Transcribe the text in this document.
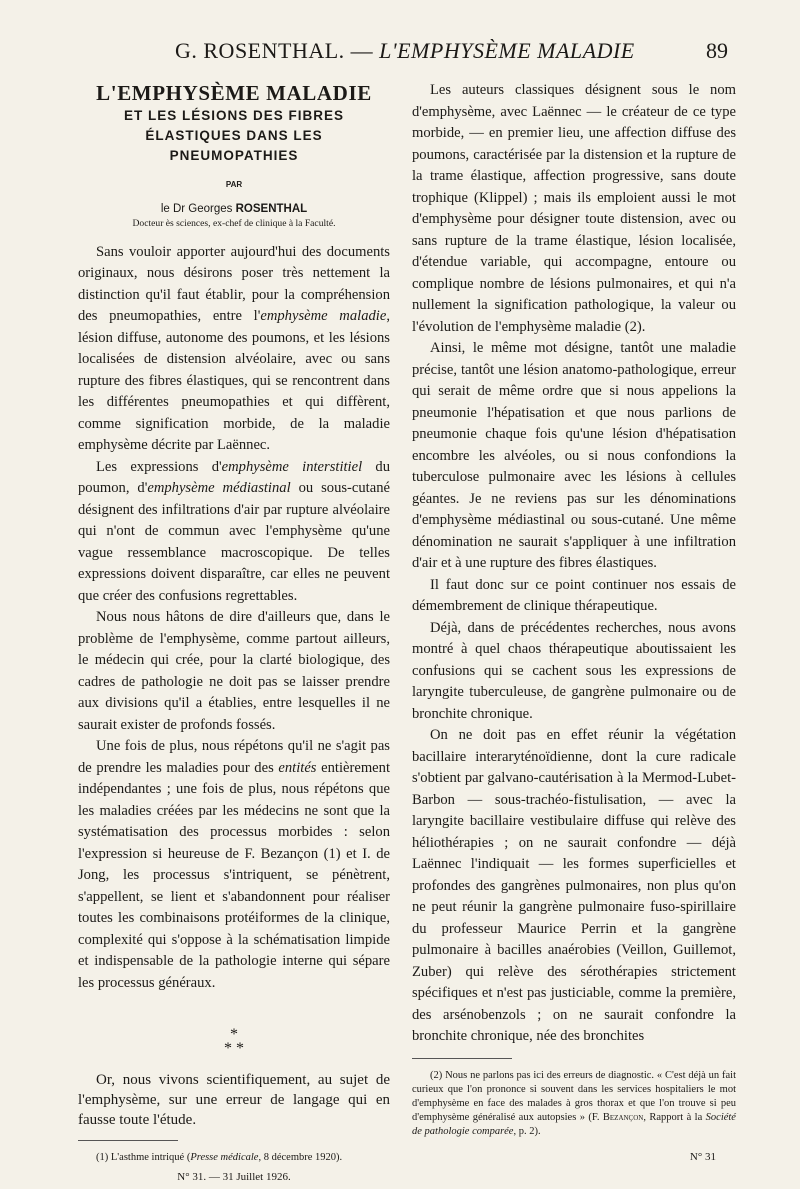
G. ROSENTHAL. — L'EMPHYSÈME MALADIE	89
L'EMPHYSÈME MALADIE
ET LES LÉSIONS DES FIBRES
ÉLASTIQUES DANS LES
PNEUMOPATHIES
PAR
le Dr Georges ROSENTHAL
Docteur ès sciences, ex-chef de clinique à la Faculté.

Sans vouloir apporter aujourd'hui des documents originaux, nous désirons poser très nettement la distinction qu'il faut établir, pour la compréhension des pneumopathies, entre l'emphysème maladie, lésion diffuse, autonome des poumons, et les lésions localisées de distension alvéolaire, avec ou sans rupture des fibres élastiques, qui se rencontrent dans les différentes pneumopathies et qui diffèrent, comme signification morbide, de la maladie emphysème décrite par Laënnec.

Les expressions d'emphysème interstitiel du poumon, d'emphysème médiastinal ou sous-cutané désignent des infiltrations d'air par rupture alvéolaire qui n'ont de commun avec l'emphysème qu'une vague ressemblance macroscopique. De telles expressions doivent disparaître, car elles ne peuvent que créer des confusions regrettables.

Nous nous hâtons de dire d'ailleurs que, dans le problème de l'emphysème, comme partout ailleurs, le médecin qui crée, pour la clarté biologique, des cadres de pathologie ne doit pas se laisser prendre aux divisions qu'il a établies, entre lesquelles il ne saurait exister de profonds fossés.

Une fois de plus, nous répétons qu'il ne s'agit pas de prendre les maladies pour des entités entièrement indépendantes ; une fois de plus, nous répétons que les maladies créées par les médecins ne sont que la systématisation des processus morbides : selon l'expression si heureuse de F. Bezançon (1) et I. de Jong, les processus s'intriquent, se pénètrent, s'appellent, se lient et s'abandonnent pour réaliser toutes les combinaisons protéiformes de la clinique, complexité qui s'oppose à la schématisation limpide et indispensable de la pathologie interne qui sépare les processus généraux.

*
* *

Or, nous vivons scientifiquement, au sujet de l'emphysème, sur une erreur de langage qui en fausse toute l'étude.

(1) L'asthme intriqué (Presse médicale, 8 décembre 1920).

N° 31. — 31 Juillet 1926.

Les auteurs classiques désignent sous le nom d'emphysème, avec Laënnec — le créateur de ce type morbide, — en premier lieu, une affection diffuse des poumons, caractérisée par la distension et la rupture de la trame élastique, affection progressive, sans doute trophique (Klippel) ; mais ils emploient aussi le mot d'emphysème pour désigner toute distension, avec ou sans rupture de la trame élastique, lésion localisée, d'étendue variable, qui accompagne, entoure ou complique nombre de lésions pulmonaires, et qui n'a nullement la signification pathologique, la valeur ou l'évolution de l'emphysème maladie (2).

Ainsi, le même mot désigne, tantôt une maladie précise, tantôt une lésion anatomo-pathologique, erreur qui serait de même ordre que si nous appelions la pneumonie l'hépatisation et que nous parlions de pneumonie chaque fois qu'une lésion d'hépatisation encombre les alvéoles, ou si nous confondions la tuberculose pulmonaire avec les lésions à cellules géantes. Je ne reviens pas sur les dénominations d'emphysème médiastinal ou sous-cutané. Une même dénomination ne saurait s'appliquer à une infiltration d'air et à une rupture des fibres élastiques.

Il faut donc sur ce point continuer nos essais de démembrement de clinique thérapeutique.

Déjà, dans de précédentes recherches, nous avons montré à quel chaos thérapeutique aboutissaient les confusions qui se cachent sous les expressions de laryngite tuberculeuse, de gangrène pulmonaire ou de bronchite chronique.

On ne doit pas en effet réunir la végétation bacillaire interaryténoïdienne, dont la cure radicale s'obtient par galvano-cautérisation à la Mermod-Lubet-Barbon — sous-trachéo-fistulisation, — avec la laryngite bacillaire vestibulaire diffuse qui relève des héliothérapies ; on ne saurait confondre — déjà Laënnec l'indiquait — les formes superficielles et profondes des gangrènes pulmonaires, non plus qu'on ne peut réunir la gangrène pulmonaire fuso-spirillaire du professeur Maurice Perrin et la gangrène pulmonaire à bacilles anaérobies (Veillon, Guillemot, Zuber) qui relève des sérothérapies strictement spécifiques et n'est pas justiciable, comme la première, des arsénobenzols ; on ne saurait confondre la bronchite chronique, née des bronchites

(2) Nous ne parlons pas ici des erreurs de diagnostic. « C'est déjà un fait curieux que l'on prononce si souvent dans les services hospitaliers le mot d'emphysème en face des malades à gros thorax et que l'on trouve si peu d'emphysème généralisé aux autopsies » (F. Bezançon, Rapport à la Société de pathologie comparée, p. 2).

N° 31
